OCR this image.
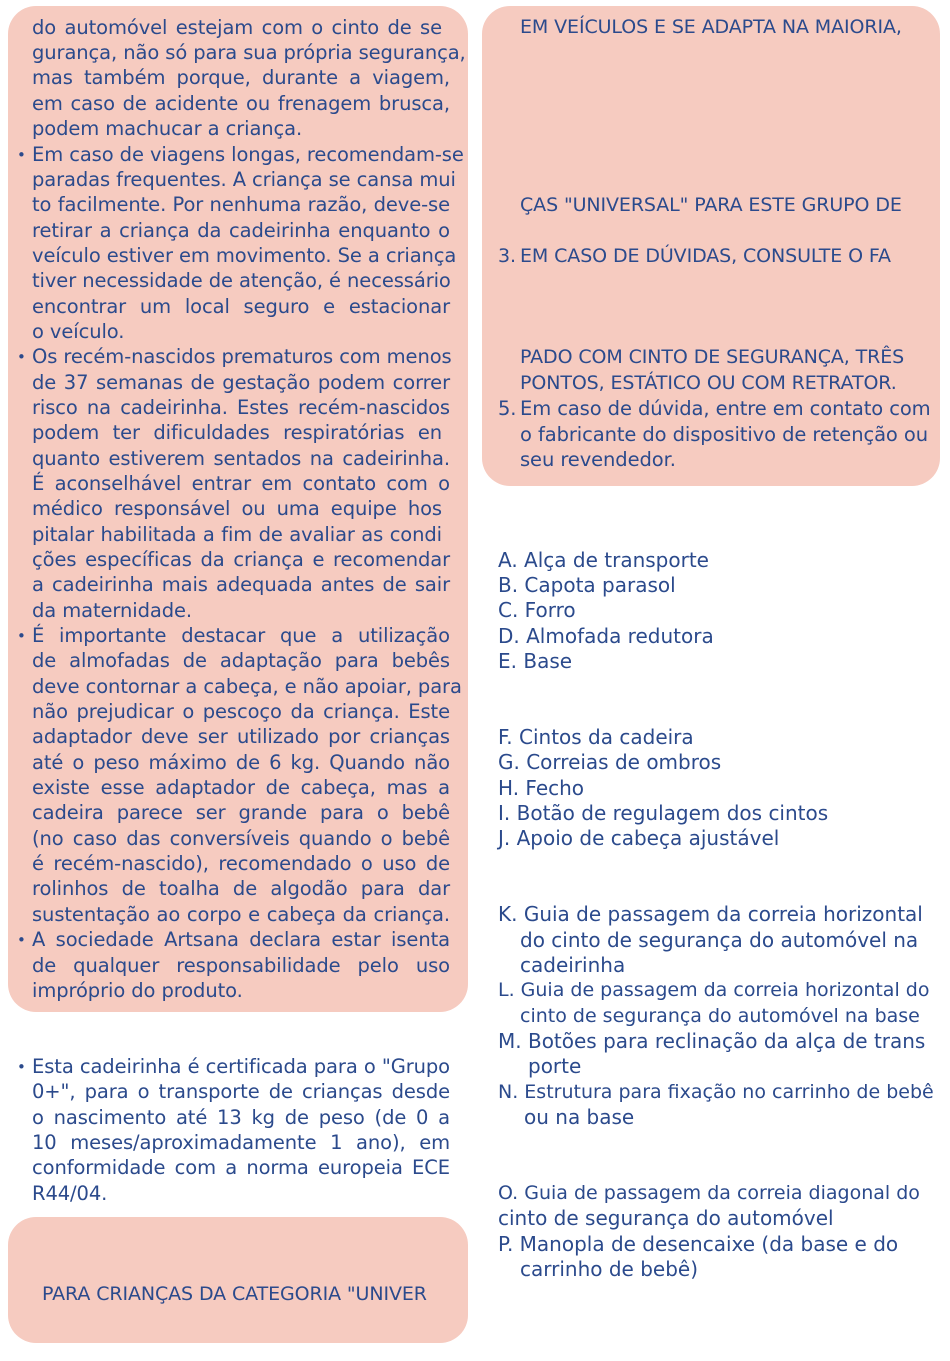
do automóvel estejam com o cinto de se
gurança, não só para sua própria segurança,
mas também porque, durante a viagem,
em caso de acidente ou frenagem brusca,
podem machucar a criança.
• Em caso de viagens longas, recomendam-se
paradas frequentes. A criança se cansa mui
to facilmente. Por nenhuma razão, deve-se
retirar a criança da cadeirinha enquanto o
veículo estiver em movimento. Se a criança
tiver necessidade de atenção, é necessário
encontrar um local seguro e estacionar
o veículo.
• Os recém-nascidos prematuros com menos
de 37 semanas de gestação podem correr
risco na cadeirinha. Estes recém-nascidos
podem ter dificuldades respiratórias en
quanto estiverem sentados na cadeirinha.
É aconselhável entrar em contato com o
médico responsável ou uma equipe hos
pitalar habilitada a fim de avaliar as condi
ções específicas da criança e recomendar
a cadeirinha mais adequada antes de sair
da maternidade.
• É importante destacar que a utilização
de almofadas de adaptação para bebês
deve contornar a cabeça, e não apoiar, para
não prejudicar o pescoço da criança. Este
adaptador deve ser utilizado por crianças
até o peso máximo de 6 kg. Quando não
existe esse adaptador de cabeça, mas a
cadeira parece ser grande para o bebê
(no caso das conversíveis quando o bebê
é recém-nascido), recomendado o uso de
rolinhos de toalha de algodão para dar
sustentação ao corpo e cabeça da criança.
• A sociedade Artsana declara estar isenta
de qualquer responsabilidade pelo uso
impróprio do produto.
• Esta cadeirinha é certificada para o "Grupo
0+", para o transporte de crianças desde
o nascimento até 13 kg de peso (de 0 a
10 meses/aproximadamente 1 ano), em
conformidade com a norma europeia ECE
R44/04.
PARA CRIANÇAS DA CATEGORIA "UNIVER
EM VEÍCULOS E SE ADAPTA NA MAIORIA,
ÇAS "UNIVERSAL" PARA ESTE GRUPO DE
3. EM CASO DE DÚVIDAS, CONSULTE O FA
PADO COM CINTO DE SEGURANÇA, TRÊS
PONTOS, ESTÁTICO OU COM RETRATOR.
5. Em caso de dúvida, entre em contato com
o fabricante do dispositivo de retenção ou
seu revendedor.
A. Alça de transporte
B. Capota parasol
C. Forro
D. Almofada redutora
E. Base
F. Cintos da cadeira
G. Correias de ombros
H. Fecho
I. Botão de regulagem dos cintos
J. Apoio de cabeça ajustável
K. Guia de passagem da correia horizontal
do cinto de segurança do automóvel na
cadeirinha
L. Guia de passagem da correia horizontal do
cinto de segurança do automóvel na base
M. Botões para reclinação da alça de trans
porte
N. Estrutura para fixação no carrinho de bebê
ou na base
O. Guia de passagem da correia diagonal do
cinto de segurança do automóvel
P. Manopla de desencaixe (da base e do
carrinho de bebê)
